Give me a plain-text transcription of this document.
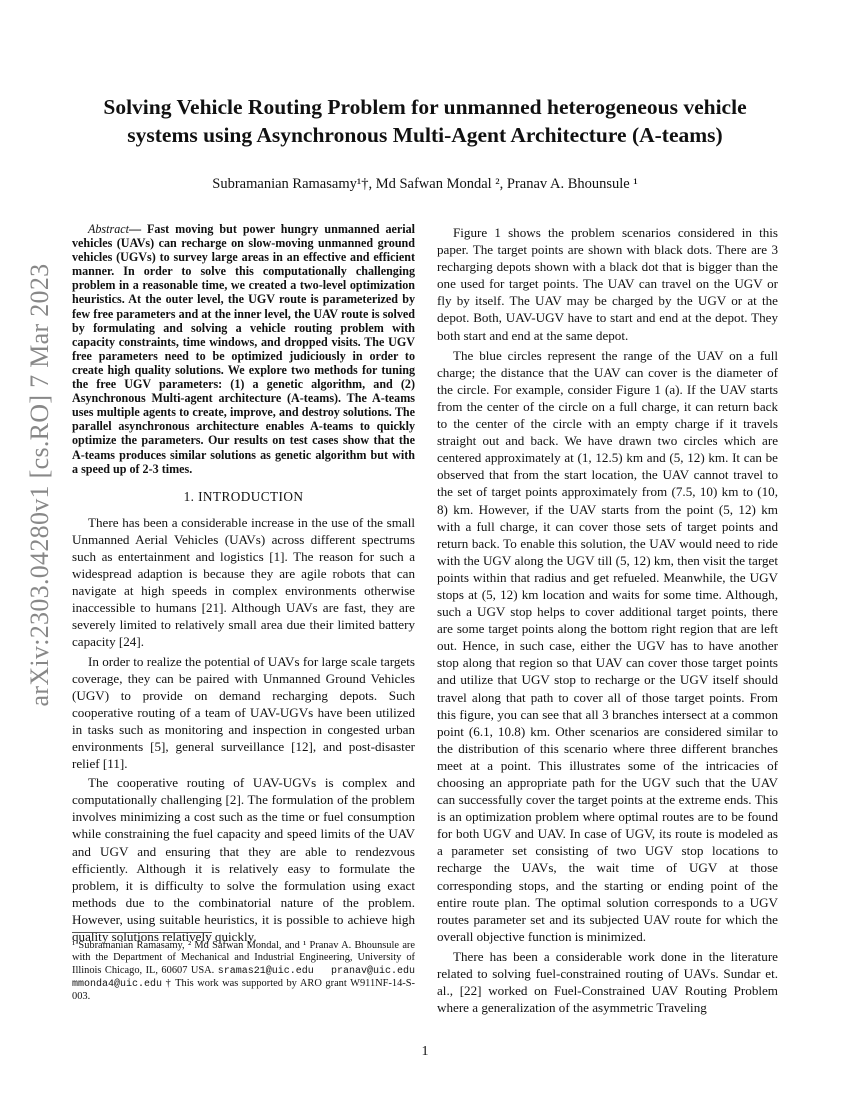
arXiv:2303.04280v1 [cs.RO] 7 Mar 2023
Solving Vehicle Routing Problem for unmanned heterogeneous vehicle systems using Asynchronous Multi-Agent Architecture (A-teams)
Subramanian Ramasamy¹†, Md Safwan Mondal ², Pranav A. Bhounsule ¹

Abstract— Fast moving but power hungry unmanned aerial vehicles (UAVs) can recharge on slow-moving unmanned ground vehicles (UGVs) to survey large areas in an effective and efficient manner. In order to solve this computationally challenging problem in a reasonable time, we created a two-level optimization heuristics. At the outer level, the UGV route is parameterized by few free parameters and at the inner level, the UAV route is solved by formulating and solving a vehicle routing problem with capacity constraints, time windows, and dropped visits. The UGV free parameters need to be optimized judiciously in order to create high quality solutions. We explore two methods for tuning the free UGV parameters: (1) a genetic algorithm, and (2) Asynchronous Multi-agent architecture (A-teams). The A-teams uses multiple agents to create, improve, and destroy solutions. The parallel asynchronous architecture enables A-teams to quickly optimize the parameters. Our results on test cases show that the A-teams produces similar solutions as genetic algorithm but with a speed up of 2-3 times.

1. INTRODUCTION

There has been a considerable increase in the use of the small Unmanned Aerial Vehicles (UAVs) across different spectrums such as entertainment and logistics [1]. The reason for such a widespread adaption is because they are agile robots that can navigate at high speeds in complex environments otherwise inaccessible to humans [21]. Although UAVs are fast, they are severely limited to relatively small area due their limited battery capacity [24].

In order to realize the potential of UAVs for large scale targets coverage, they can be paired with Unmanned Ground Vehicles (UGV) to provide on demand recharging depots. Such cooperative routing of a team of UAV-UGVs have been utilized in tasks such as monitoring and inspection in congested urban environments [5], general surveillance [12], and post-disaster relief [11].

The cooperative routing of UAV-UGVs is complex and computationally challenging [2]. The formulation of the problem involves minimizing a cost such as the time or fuel consumption while constraining the fuel capacity and speed limits of the UAV and UGV and ensuring that they are able to rendezvous efficiently. Although it is relatively easy to formulate the problem, it is difficulty to solve the formulation using exact methods due to the combinatorial nature of the problem. However, using suitable heuristics, it is possible to achieve high quality solutions relatively quickly.

¹ Subramanian Ramasamy, ² Md Safwan Mondal, and ¹ Pranav A. Bhounsule are with the Department of Mechanical and Industrial Engineering, University of Illinois Chicago, IL, 60607 USA. sramas21@uic.edu pranav@uic.edu mmonda4@uic.edu † This work was supported by ARO grant W911NF-14-S-003.

Figure 1 shows the problem scenarios considered in this paper. The target points are shown with black dots. There are 3 recharging depots shown with a black dot that is bigger than the one used for target points. The UAV can travel on the UGV or fly by itself. The UAV may be charged by the UGV or at the depot. Both, UAV-UGV have to start and end at the depot. They both start and end at the same depot.

The blue circles represent the range of the UAV on a full charge; the distance that the UAV can cover is the diameter of the circle. For example, consider Figure 1 (a). If the UAV starts from the center of the circle on a full charge, it can return back to the center of the circle with an empty charge if it travels straight out and back. We have drawn two circles which are centered approximately at (1, 12.5) km and (5, 12) km. It can be observed that from the start location, the UAV cannot travel to the set of target points approximately from (7.5, 10) km to (10, 8) km. However, if the UAV starts from the point (5, 12) km with a full charge, it can cover those sets of target points and return back. To enable this solution, the UAV would need to ride with the UGV along the UGV till (5, 12) km, then visit the target points within that radius and get refueled. Meanwhile, the UGV stops at (5, 12) km location and waits for some time. Although, such a UGV stop helps to cover additional target points, there are some target points along the bottom right region that are left out. Hence, in such case, either the UGV has to have another stop along that region so that UAV can cover those target points and utilize that UGV stop to recharge or the UGV itself should travel along that path to cover all of those target points. From this figure, you can see that all 3 branches intersect at a common point (6.1, 10.8) km. Other scenarios are considered similar to the distribution of this scenario where three different branches meet at a point. This illustrates some of the intricacies of choosing an appropriate path for the UGV such that the UAV can successfully cover the target points at the extreme ends. This is an optimization problem where optimal routes are to be found for both UGV and UAV. In case of UGV, its route is modeled as a parameter set consisting of two UGV stop locations to recharge the UAVs, the wait time of UGV at those corresponding stops, and the starting or ending point of the entire route plan. The optimal solution corresponds to a UGV routes parameter set and its subjected UAV route for which the overall objective function is minimized.

There has been a considerable work done in the literature related to solving fuel-constrained routing of UAVs. Sundar et. al., [22] worked on Fuel-Constrained UAV Routing Problem where a generalization of the asymmetric Traveling

1
